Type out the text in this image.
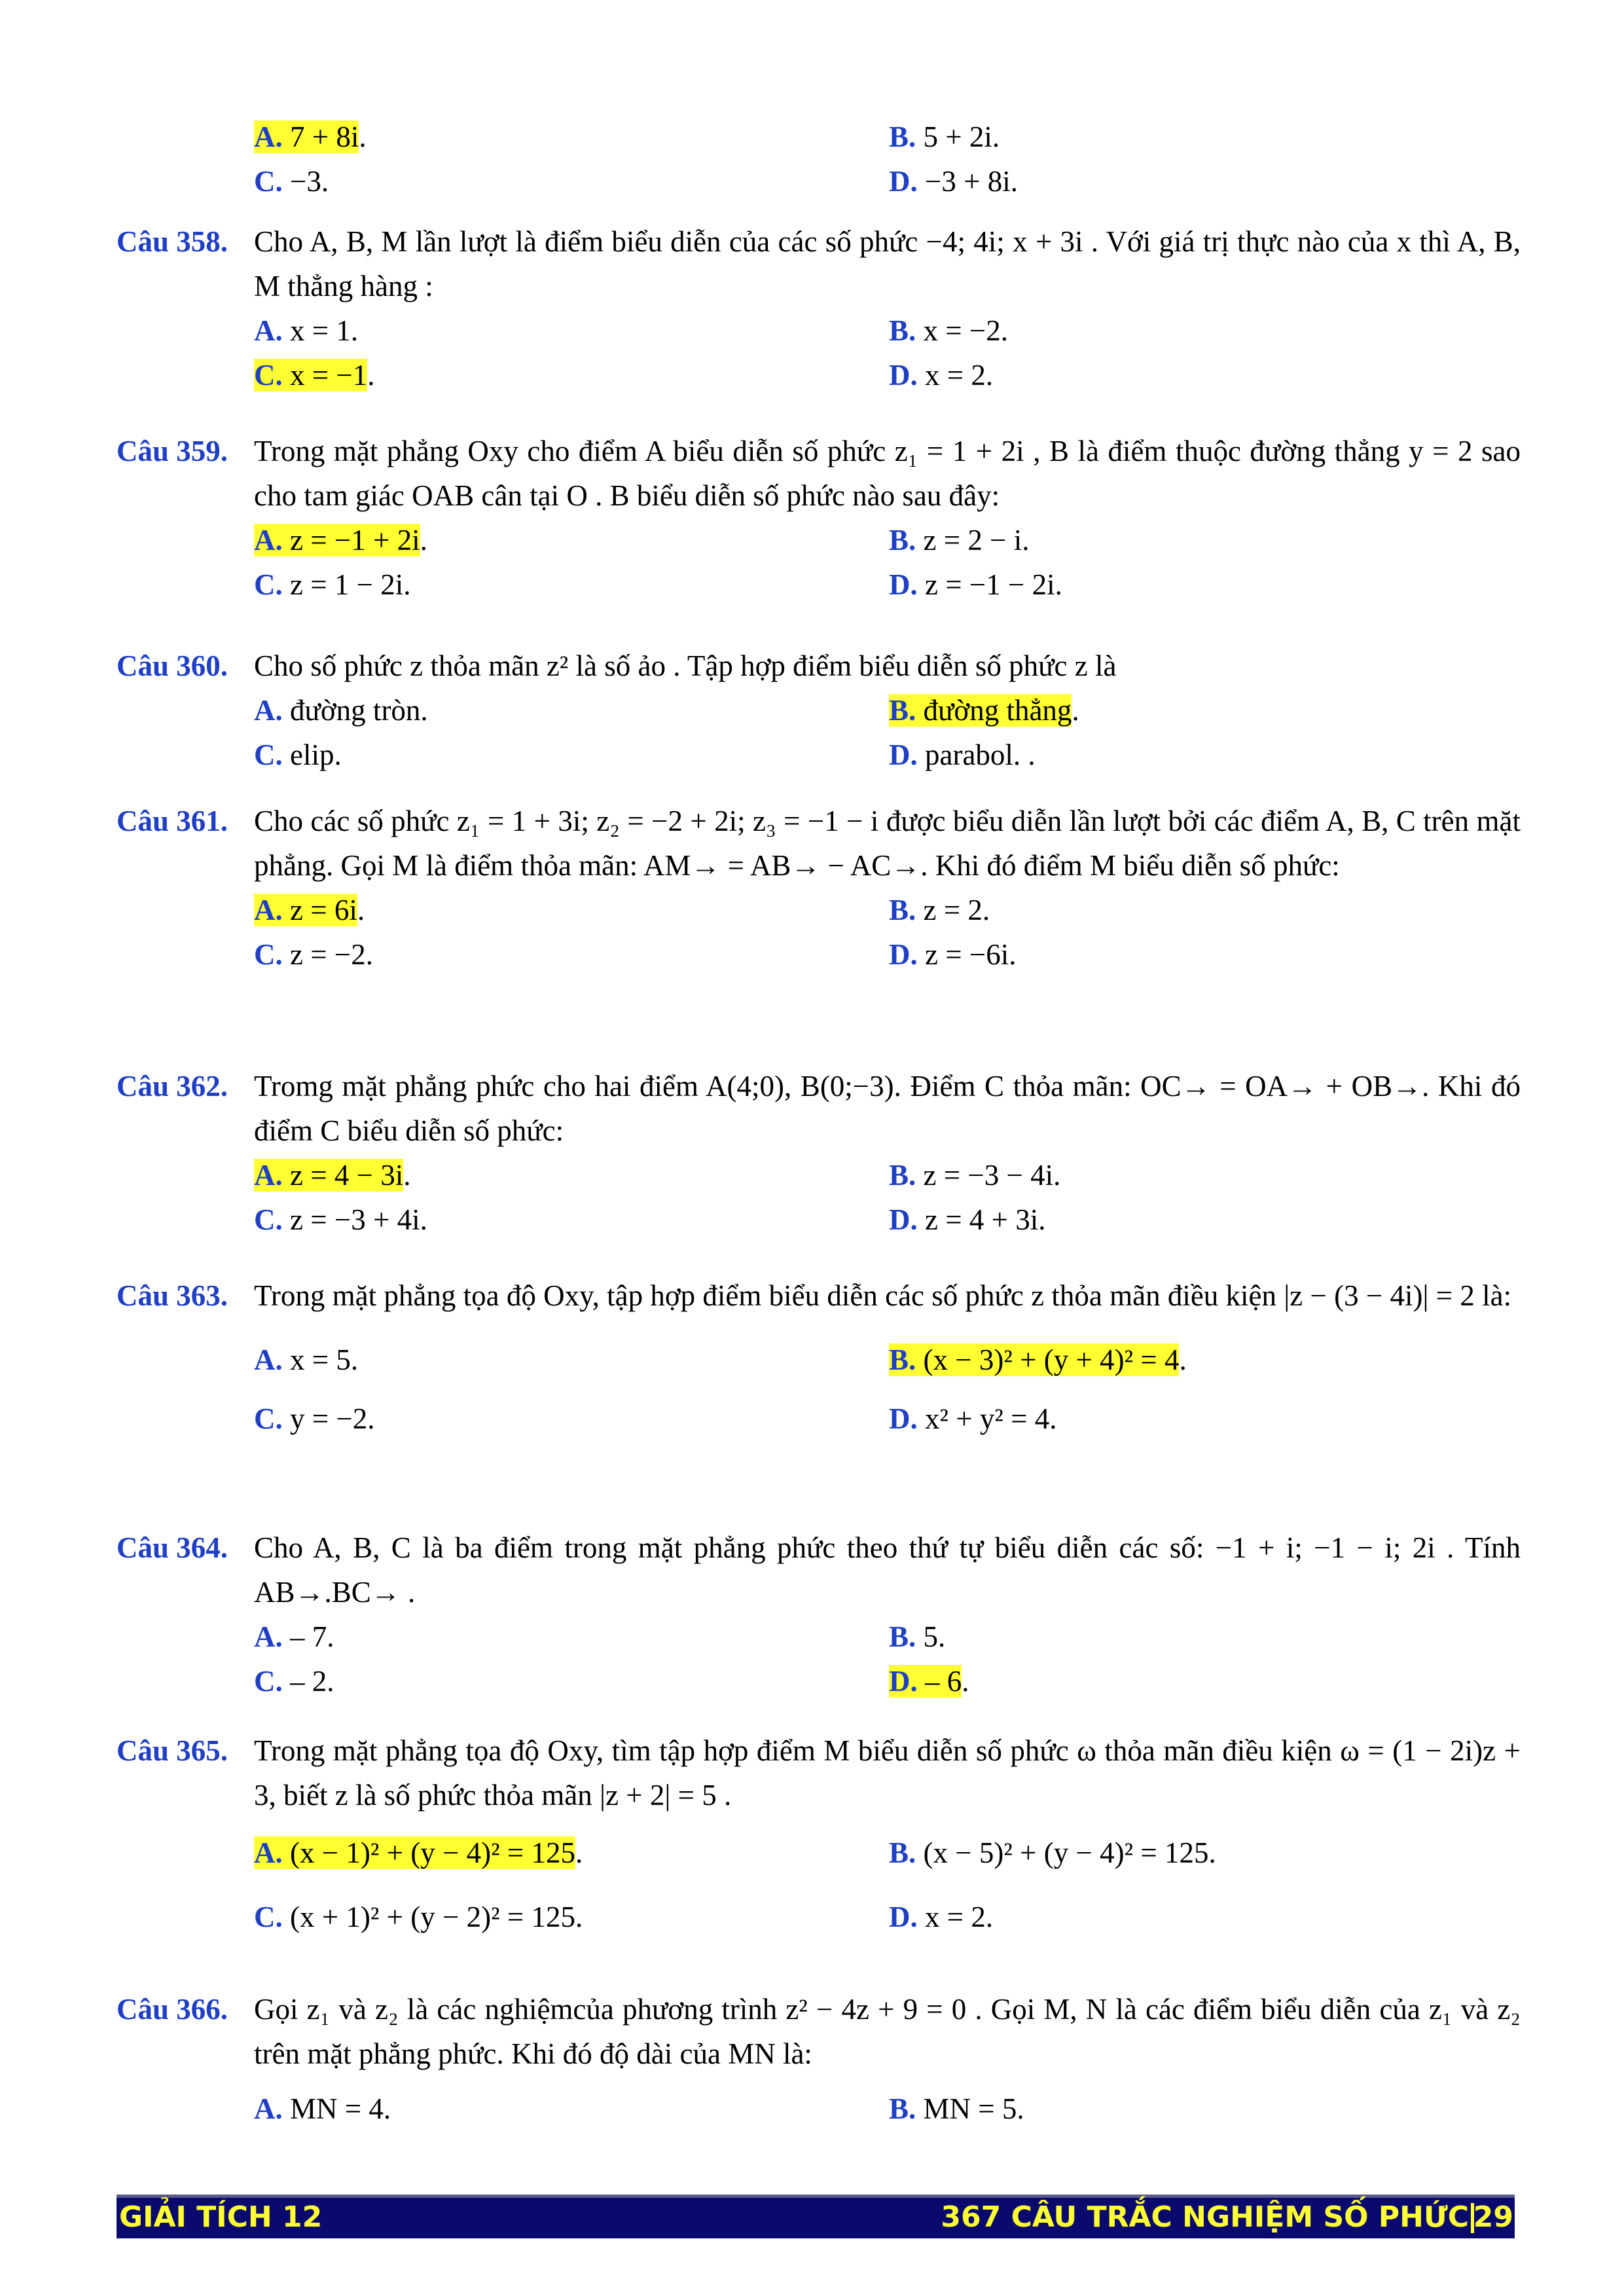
A. 7 + 8i.	B. 5 + 2i.
C. −3.	D. −3 + 8i.
Câu 358. Cho A, B, M lần lượt là điểm biểu diễn của các số phức −4; 4i; x + 3i . Với giá trị thực nào của x thì A, B, M thẳng hàng :
A. x = 1.	B. x = −2.
C. x = −1.	D. x = 2.
Câu 359. Trong mặt phẳng Oxy cho điểm A biểu diễn số phức z₁ = 1 + 2i , B là điểm thuộc đường thẳng y = 2 sao cho tam giác OAB cân tại O . B biểu diễn số phức nào sau đây:
A. z = −1 + 2i.	B. z = 2 − i.
C. z = 1 − 2i.	D. z = −1 − 2i.
Câu 360. Cho số phức z thỏa mãn z² là số ảo . Tập hợp điểm biểu diễn số phức z là
A. đường tròn.	B. đường thẳng.
C. elip.	D. parabol. .
Câu 361. Cho các số phức z₁ = 1 + 3i; z₂ = −2 + 2i; z₃ = −1 − i được biểu diễn lần lượt bởi các điểm A, B, C trên mặt phẳng. Gọi M là điểm thỏa mãn: AM→ = AB→ − AC→. Khi đó điểm M biểu diễn số phức:
A. z = 6i.	B. z = 2.
C. z = −2.	D. z = −6i.
Câu 362. Tromg mặt phẳng phức cho hai điểm A(4;0), B(0;−3). Điểm C thỏa mãn: OC→ = OA→ + OB→. Khi đó điểm C biểu diễn số phức:
A. z = 4 − 3i.	B. z = −3 − 4i.
C. z = −3 + 4i.	D. z = 4 + 3i.
Câu 363. Trong mặt phẳng tọa độ Oxy, tập hợp điểm biểu diễn các số phức z thỏa mãn điều kiện |z − (3 − 4i)| = 2 là:
A. x = 5.	B. (x − 3)² + (y + 4)² = 4.
C. y = −2.	D. x² + y² = 4.
Câu 364. Cho A, B, C là ba điểm trong mặt phẳng phức theo thứ tự biểu diễn các số: −1 + i; −1 − i; 2i . Tính AB→.BC→ .
A. – 7.	B. 5.
C. – 2.	D. – 6.
Câu 365. Trong mặt phẳng tọa độ Oxy, tìm tập hợp điểm M biểu diễn số phức ω thỏa mãn điều kiện ω = (1 − 2i)z + 3, biết z là số phức thỏa mãn |z + 2| = 5 .
A. (x − 1)² + (y − 4)² = 125.	B. (x − 5)² + (y − 4)² = 125.
C. (x + 1)² + (y − 2)² = 125.	D. x = 2.
Câu 366. Gọi z₁ và z₂ là các nghiệmcủa phương trình z² − 4z + 9 = 0 . Gọi M, N là các điểm biểu diễn của z₁ và z₂ trên mặt phẳng phức. Khi đó độ dài của MN là:
A. MN = 4.	B. MN = 5.
GIẢI TÍCH 12	367 CÂU TRẮC NGHIỆM SỐ PHỨC 29
